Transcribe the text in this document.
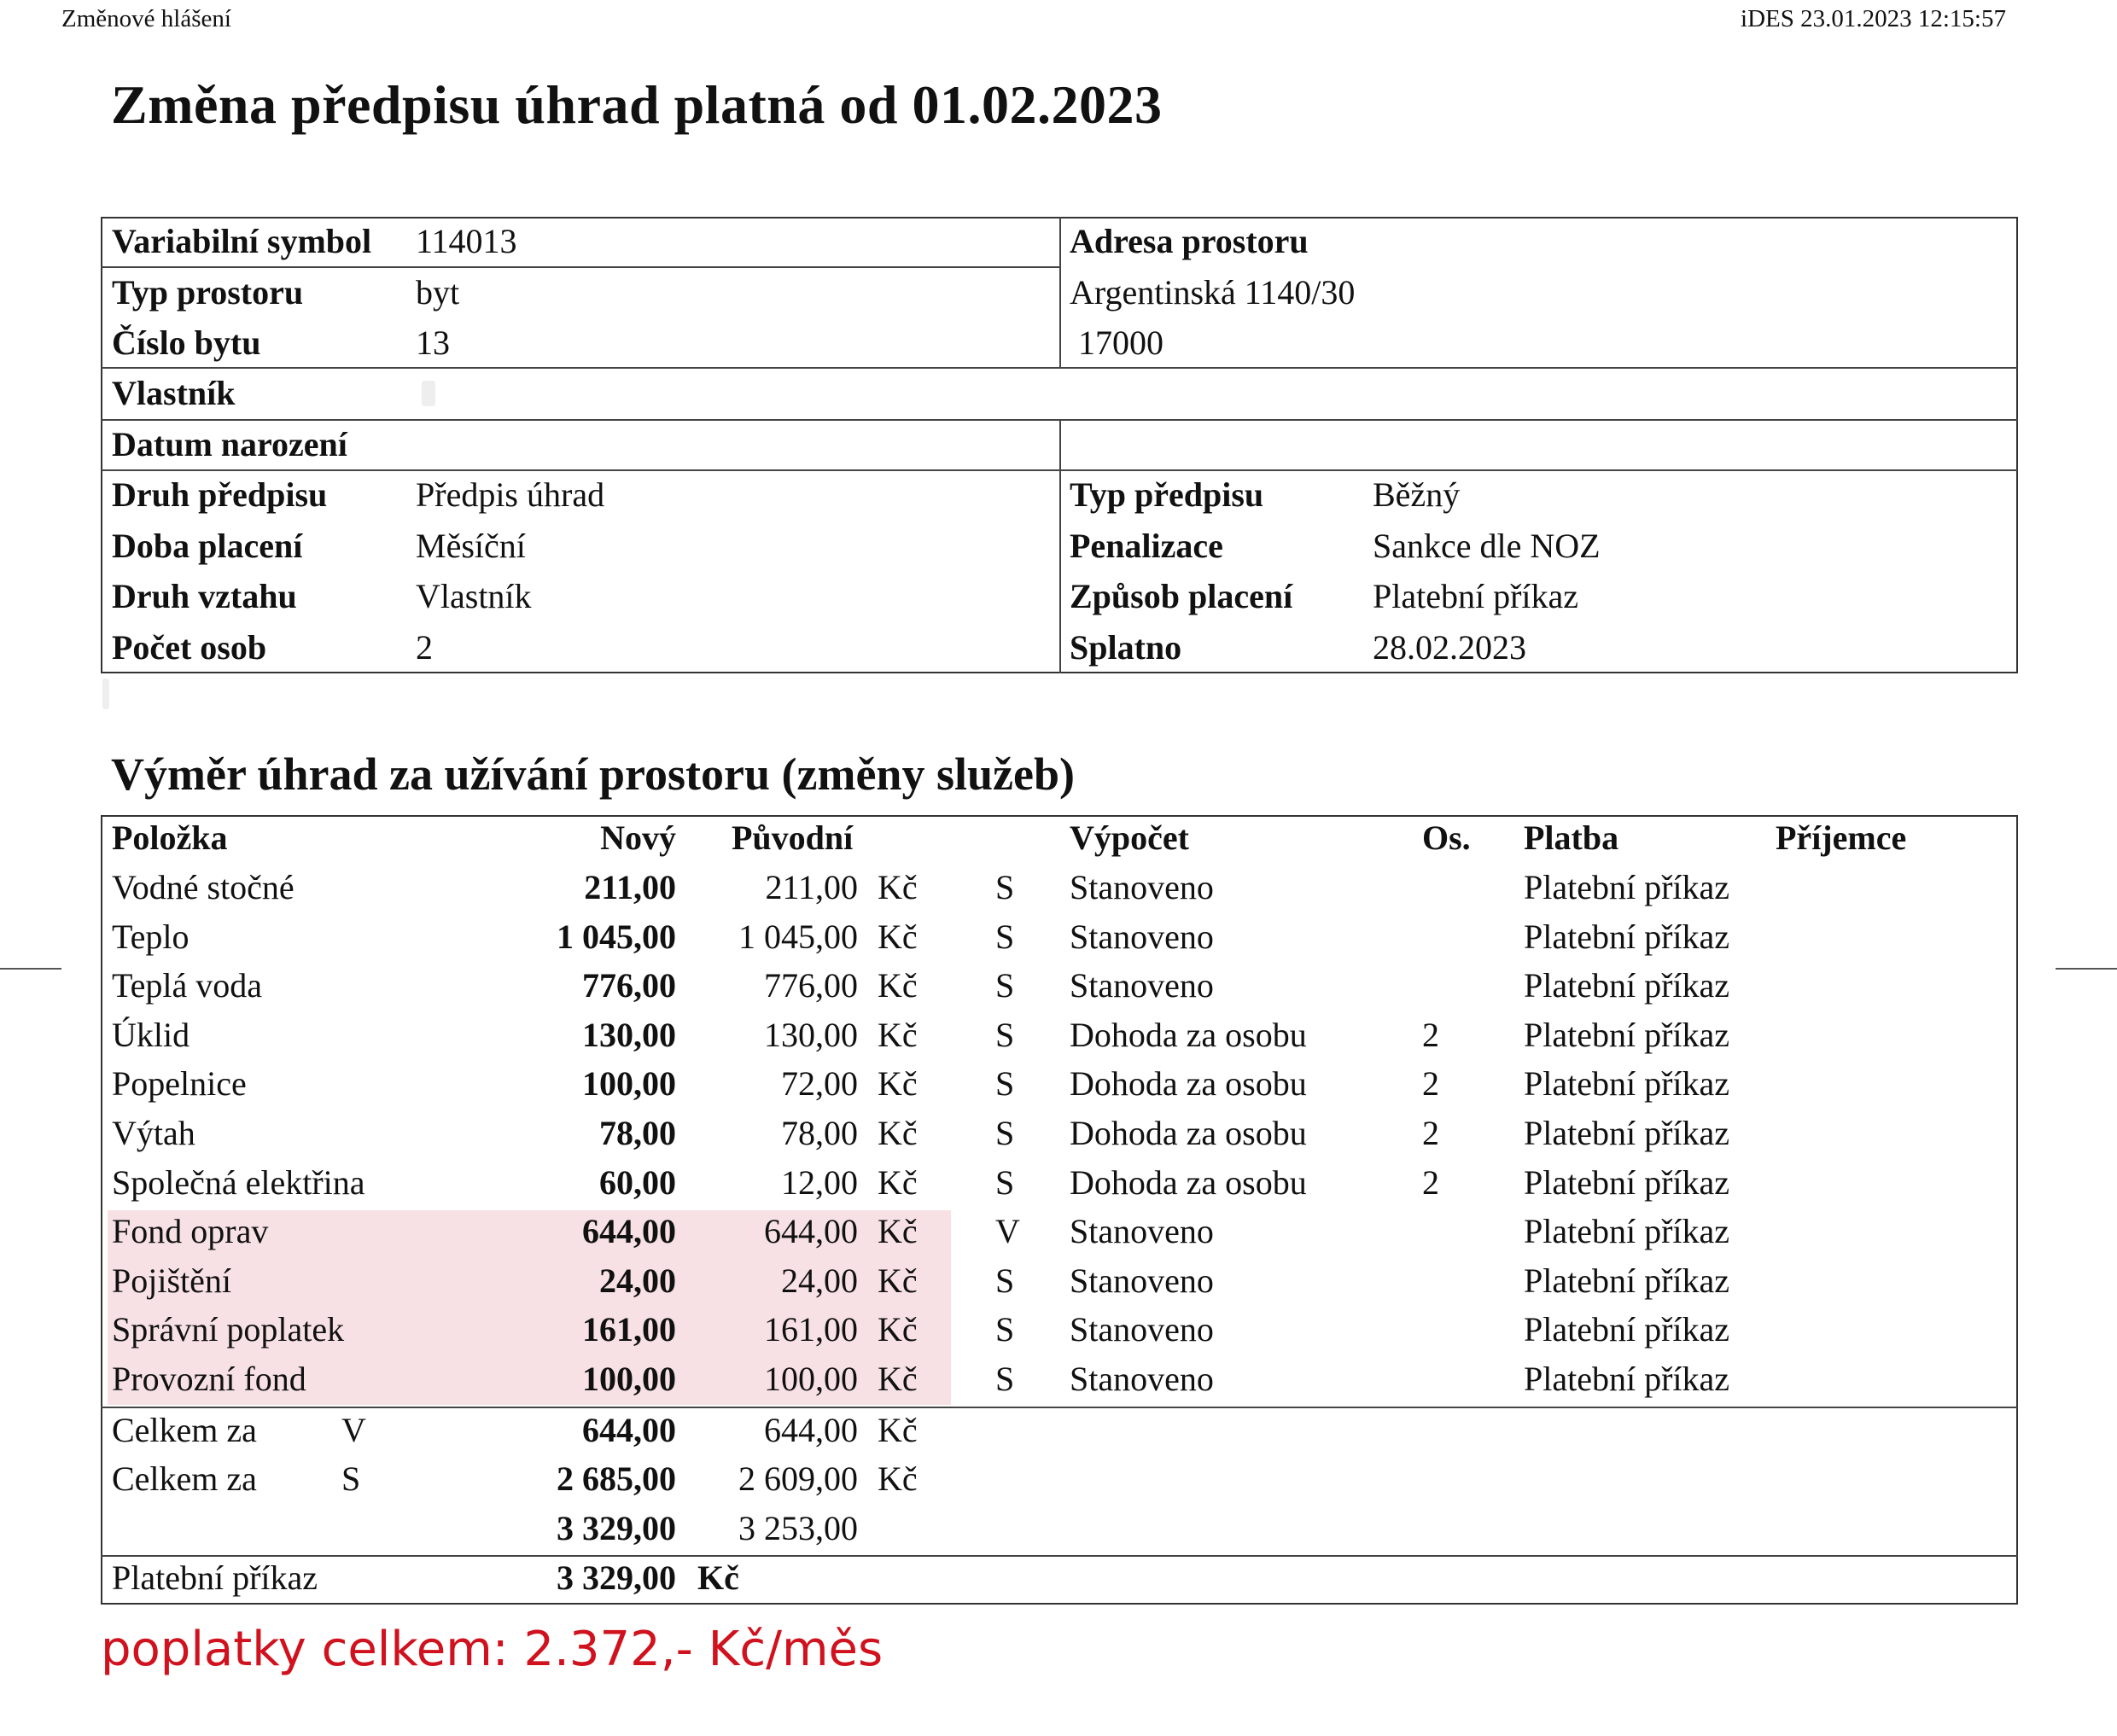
Změnové hlášení	iDES 23.01.2023 12:15:57
Změna předpisu úhrad platná od 01.02.2023
Variabilní symbol 114013
Typ prostoru	byt
Číslo bytu	13
Adresa prostoru
Argentinská 1140/30
17000
Vlastník
Datum narození
Druh předpisu	Předpis úhrad
Doba placení	Měsíční
Druh vztahu	Vlastník
Počet osob	2
Typ předpisu	Běžný
Penalizace	Sankce dle NOZ
Způsob placení Platební příkaz
Splatno	28.02.2023
Výměr úhrad za užívání prostoru (změny služeb)
Položka	Nový Původní	Výpočet	Os. Platba	Příjemce
Vodné stočné	211,00	211,00 Kč S Stanoveno	Platební příkaz
Teplo	1 045,00	1 045,00 Kč S Stanoveno	Platební příkaz
Teplá voda	776,00	776,00 Kč S Stanoveno	Platební příkaz
Úklid	130,00	130,00 Kč S Dohoda za osobu	2 Platební příkaz
Popelnice	100,00	72,00 Kč S Dohoda za osobu	2 Platební příkaz
Výtah	78,00	78,00 Kč S Dohoda za osobu	2 Platební příkaz
Společná elektřina	60,00	12,00 Kč S Dohoda za osobu	2 Platební příkaz
Fond oprav	644,00	644,00 Kč V Stanoveno	Platební příkaz
Pojištění	24,00	24,00 Kč S Stanoveno	Platební příkaz
Správní poplatek	161,00	161,00 Kč S Stanoveno	Platební příkaz
Provozní fond	100,00	100,00 Kč S Stanoveno	Platební příkaz
Celkem za V	644,00	644,00 Kč
Celkem za S	2 685,00	2 609,00 Kč
3 329,00	3 253,00
Platební příkaz	3 329,00 Kč
poplatky celkem: 2.372,- Kč/měs
